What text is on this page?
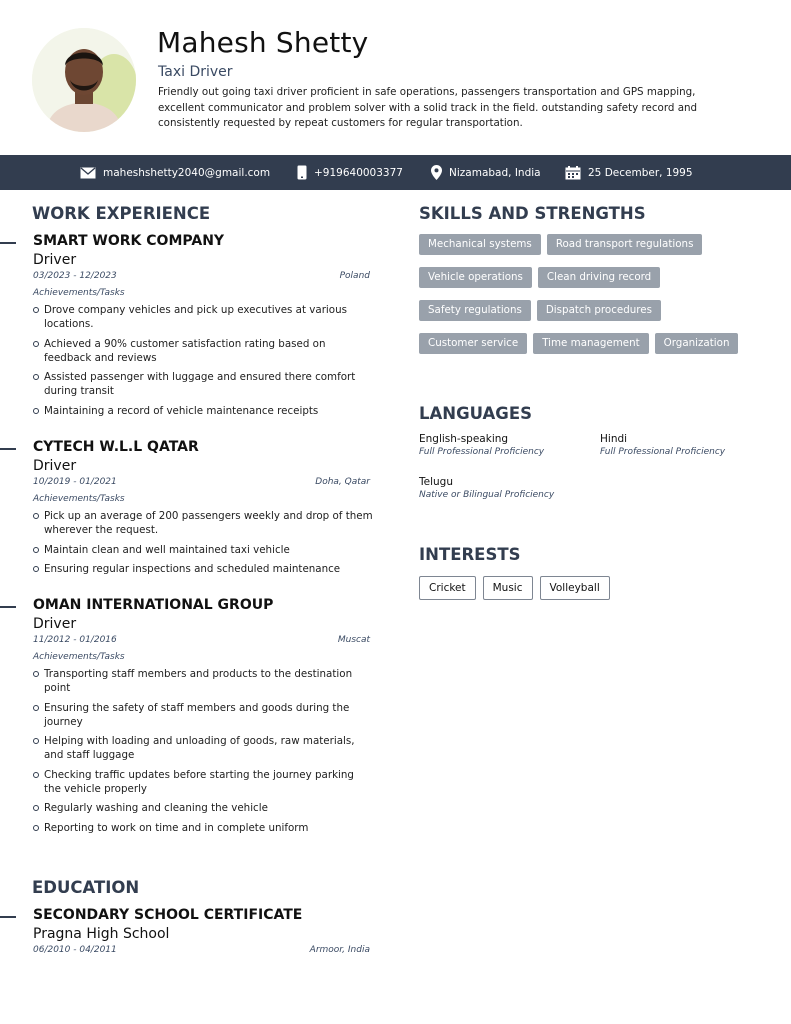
Mahesh Shetty
Taxi Driver
Friendly out going taxi driver proficient in safe operations, passengers transportation and GPS mapping, excellent communicator and problem solver with a solid track in the field. outstanding safety record and consistently requested by repeat customers for regular transportation.
maheshshetty2040@gmail.com	+919640003377	Nizamabad, India	25 December, 1995
WORK EXPERIENCE
SMART WORK COMPANY
Driver
03/2023 - 12/2023	Poland
Achievements/Tasks
Drove company vehicles and pick up executives at various locations.
Achieved a 90% customer satisfaction rating based on feedback and reviews
Assisted passenger with luggage and ensured there comfort during transit
Maintaining a record of vehicle maintenance receipts
CYTECH W.L.L QATAR
Driver
10/2019 - 01/2021	Doha, Qatar
Achievements/Tasks
Pick up an average of 200 passengers weekly and drop of them wherever the request.
Maintain clean and well maintained taxi vehicle
Ensuring regular inspections and scheduled maintenance
OMAN INTERNATIONAL GROUP
Driver
11/2012 - 01/2016	Muscat
Achievements/Tasks
Transporting staff members and products to the destination point
Ensuring the safety of staff members and goods during the journey
Helping with loading and unloading of goods, raw materials, and staff luggage
Checking traffic updates before starting the journey parking the vehicle properly
Regularly washing and cleaning the vehicle
Reporting to work on time and in complete uniform
EDUCATION
SECONDARY SCHOOL CERTIFICATE
Pragna High School
06/2010 - 04/2011	Armoor, India
SKILLS AND STRENGTHS
Mechanical systems	Road transport regulations
Vehicle operations	Clean driving record
Safety regulations	Dispatch procedures
Customer service	Time management	Organization
LANGUAGES
English-speaking
Full Professional Proficiency
Hindi
Full Professional Proficiency
Telugu
Native or Bilingual Proficiency
INTERESTS
Cricket	Music	Volleyball
